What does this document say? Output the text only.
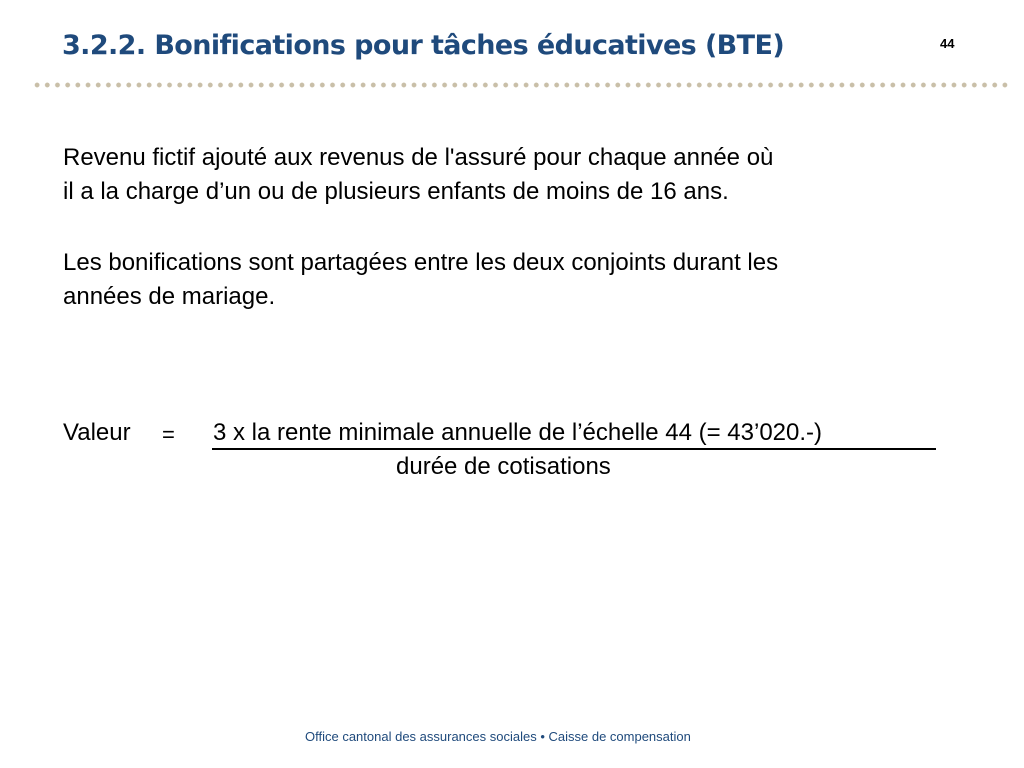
3.2.2. Bonifications pour tâches éducatives (BTE)	44

Revenu fictif ajouté aux revenus de l'assuré pour chaque année où
il a la charge d’un ou de plusieurs enfants de moins de 16 ans.

Les bonifications sont partagées entre les deux conjoints durant les
années de mariage.

Valeur = 3 x la rente minimale annuelle de l’échelle 44 (= 43’020.-)
durée de cotisations
Office cantonal des assurances sociales • Caisse de compensation
